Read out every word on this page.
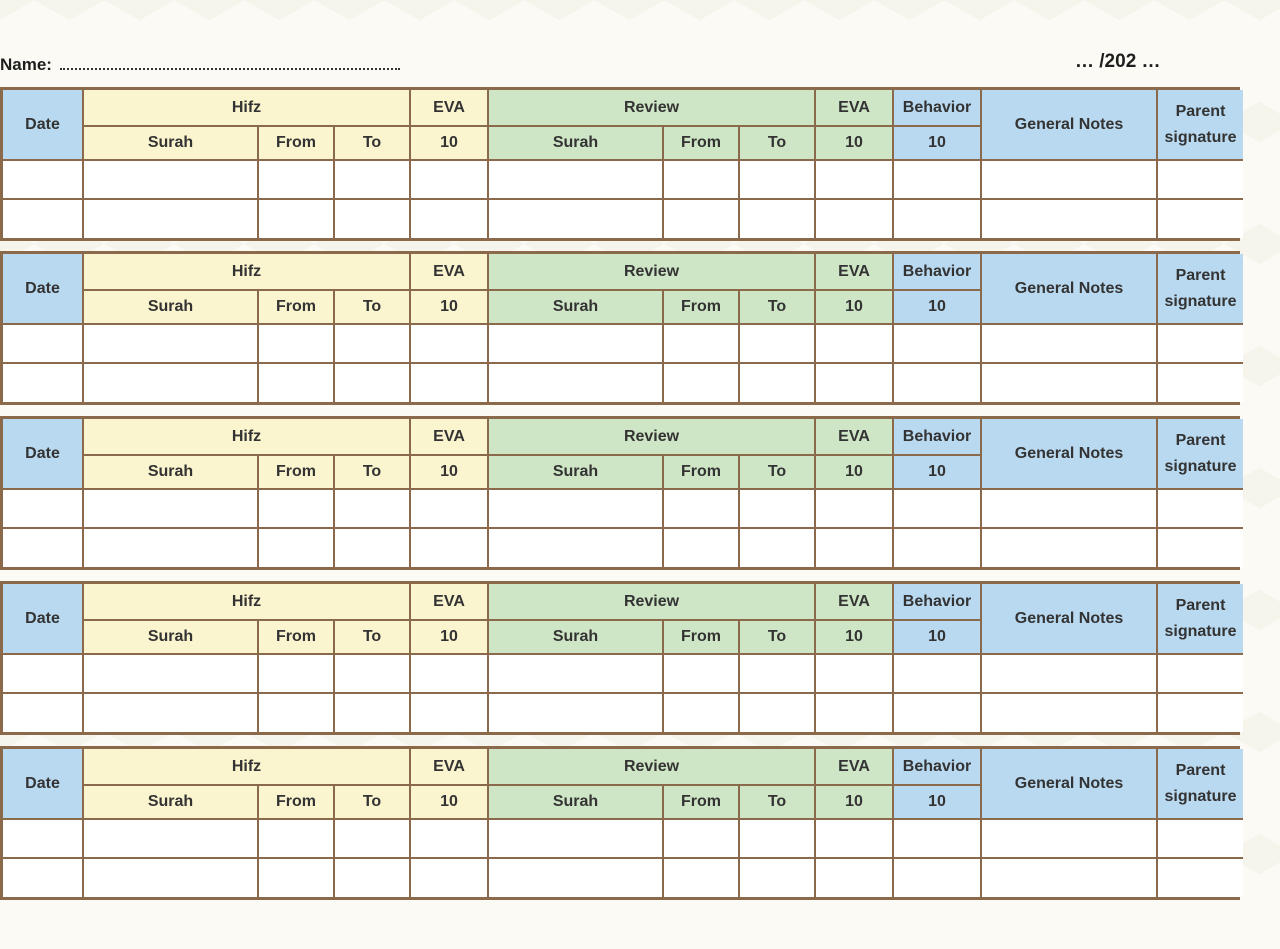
Name:	… /202 …
Date	Hifz			EVA	Review			EVA	Behavior	General Notes	Parent
signature

	Surah	From	To	10	Surah	From	To	10	10		

Date	Hifz			EVA	Review			EVA	Behavior	General Notes	Parent
signature

	Surah	From	To	10	Surah	From	To	10	10		

Date	Hifz			EVA	Review			EVA	Behavior	General Notes	Parent
signature

	Surah	From	To	10	Surah	From	To	10	10		

Date	Hifz			EVA	Review			EVA	Behavior	General Notes	Parent
signature

	Surah	From	To	10	Surah	From	To	10	10		

Date	Hifz			EVA	Review			EVA	Behavior	General Notes	Parent
signature

	Surah	From	To	10	Surah	From	To	10	10		
